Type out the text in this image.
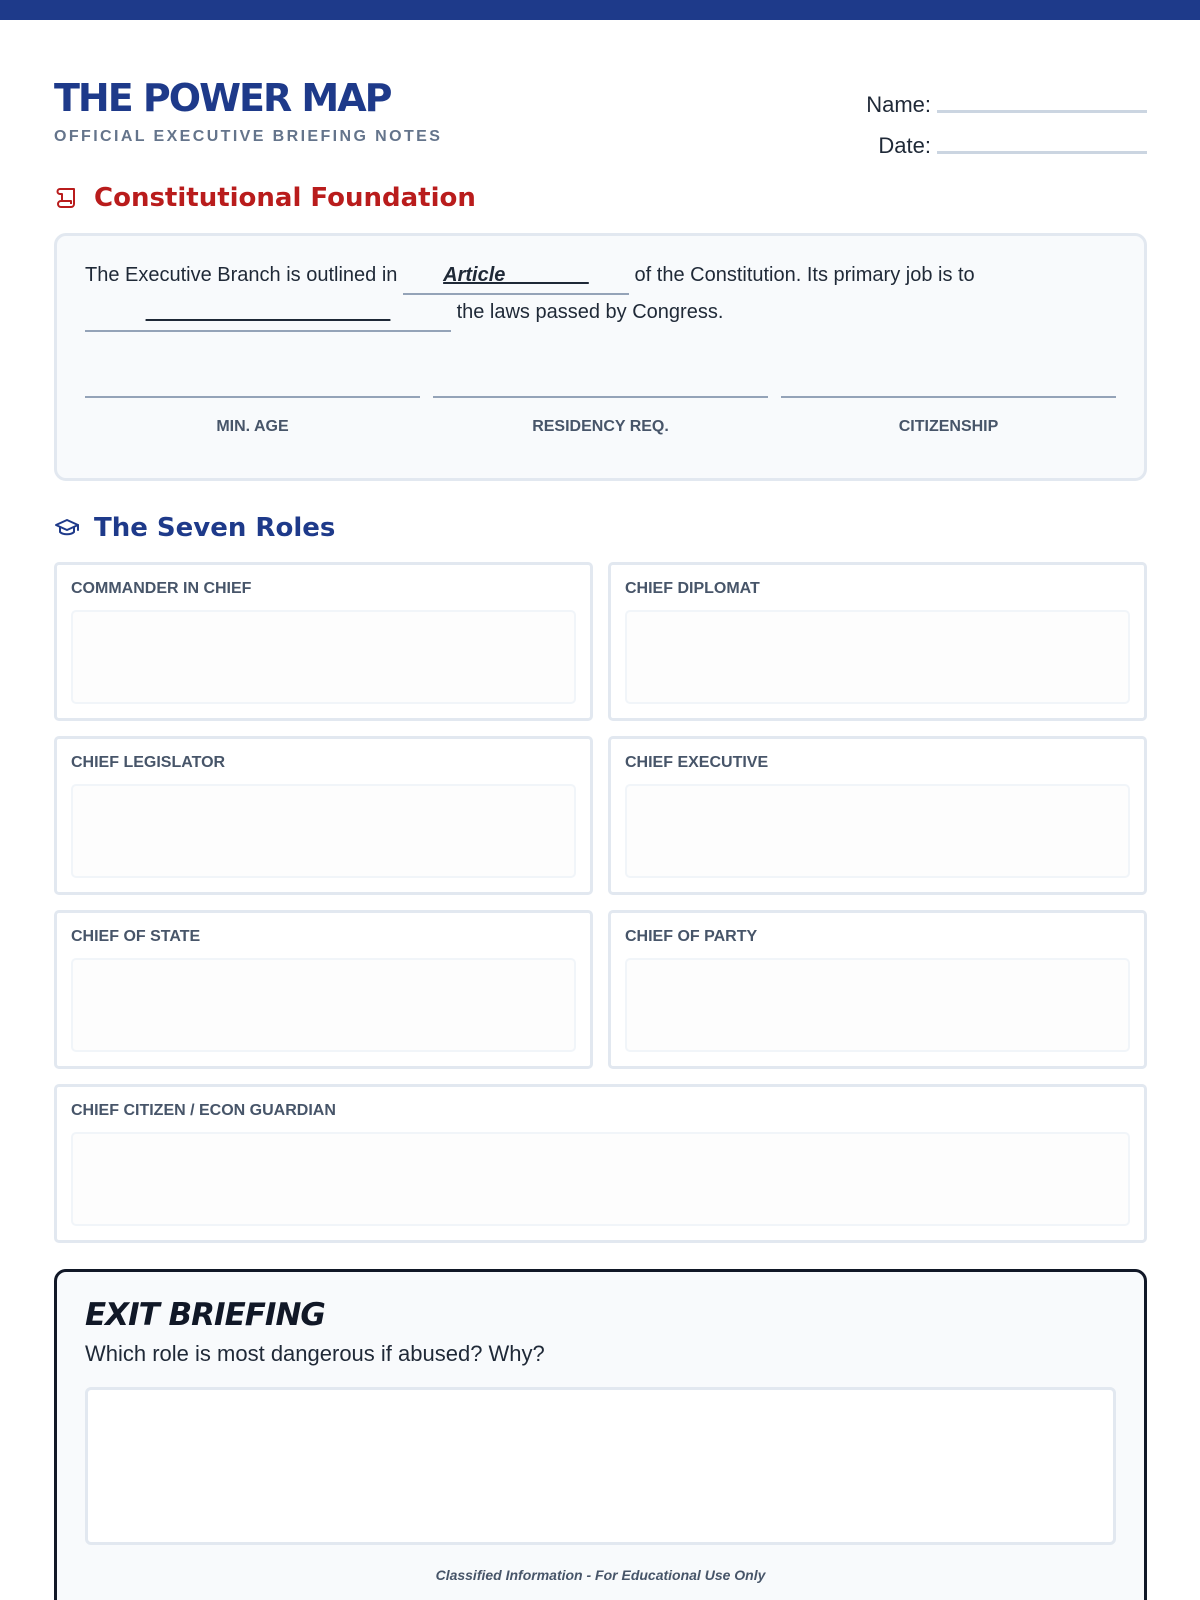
THE POWER MAP
OFFICIAL EXECUTIVE BRIEFING NOTES
Name:
Date:
Constitutional Foundation
The Executive Branch is outlined in Article _______ of the Constitution. Its primary job is to ______________________	the laws passed by Congress.
MIN. AGE	RESIDENCY REQ.	CITIZENSHIP
The Seven Roles
COMMANDER IN CHIEF	CHIEF DIPLOMAT
CHIEF LEGISLATOR	CHIEF EXECUTIVE
CHIEF OF STATE	CHIEF OF PARTY
CHIEF CITIZEN / ECON GUARDIAN
EXIT BRIEFING
Which role is most dangerous if abused? Why?
Classified Information - For Educational Use Only
